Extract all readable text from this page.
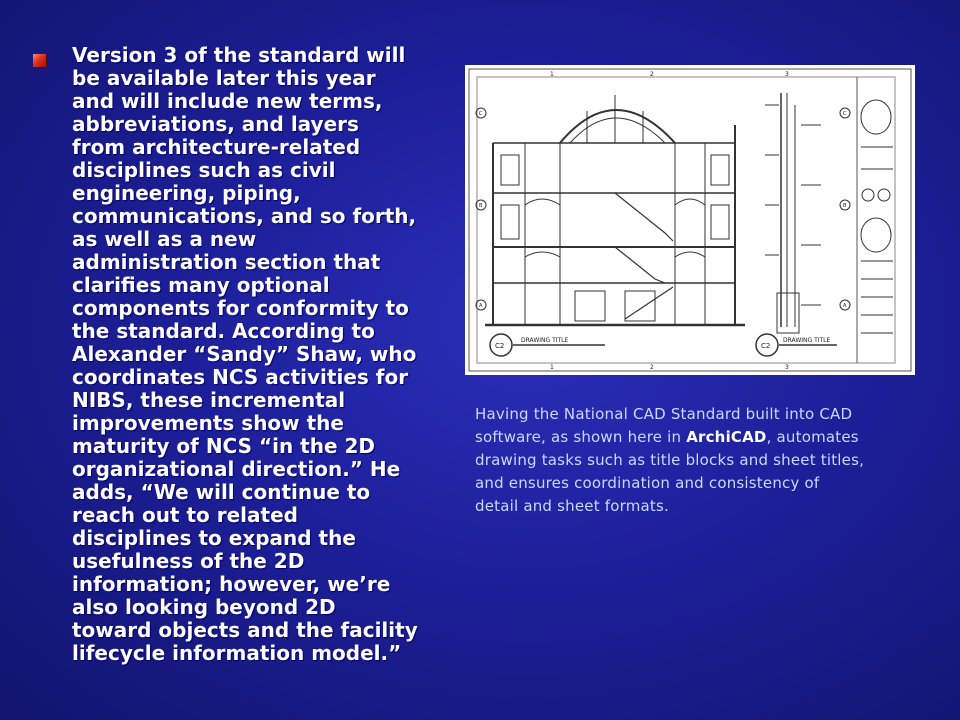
Version 3 of the standard will
be available later this year
and will include new terms,
abbreviations, and layers
from architecture-related
disciplines such as civil
engineering, piping,
communications, and so forth,
as well as a new
administration section that
clarifies many optional
components for conformity to
the standard. According to
Alexander “Sandy” Shaw, who
coordinates NCS activities for
NIBS, these incremental
improvements show the
maturity of NCS “in the 2D
organizational direction.” He
adds, “We will continue to
reach out to related
disciplines to expand the
usefulness of the 2D
information; however, we’re
also looking beyond 2D
toward objects and the facility
lifecycle information model.”

DRAWING TITLE
C2
DRAWING TITLE
C2
1	2	3
1	2	3
C
B
A
C
B
A

Having the National CAD Standard built into CAD software, as shown here in ArchiCAD, automates drawing tasks such as title blocks and sheet titles, and ensures coordination and consistency of detail and sheet formats.
